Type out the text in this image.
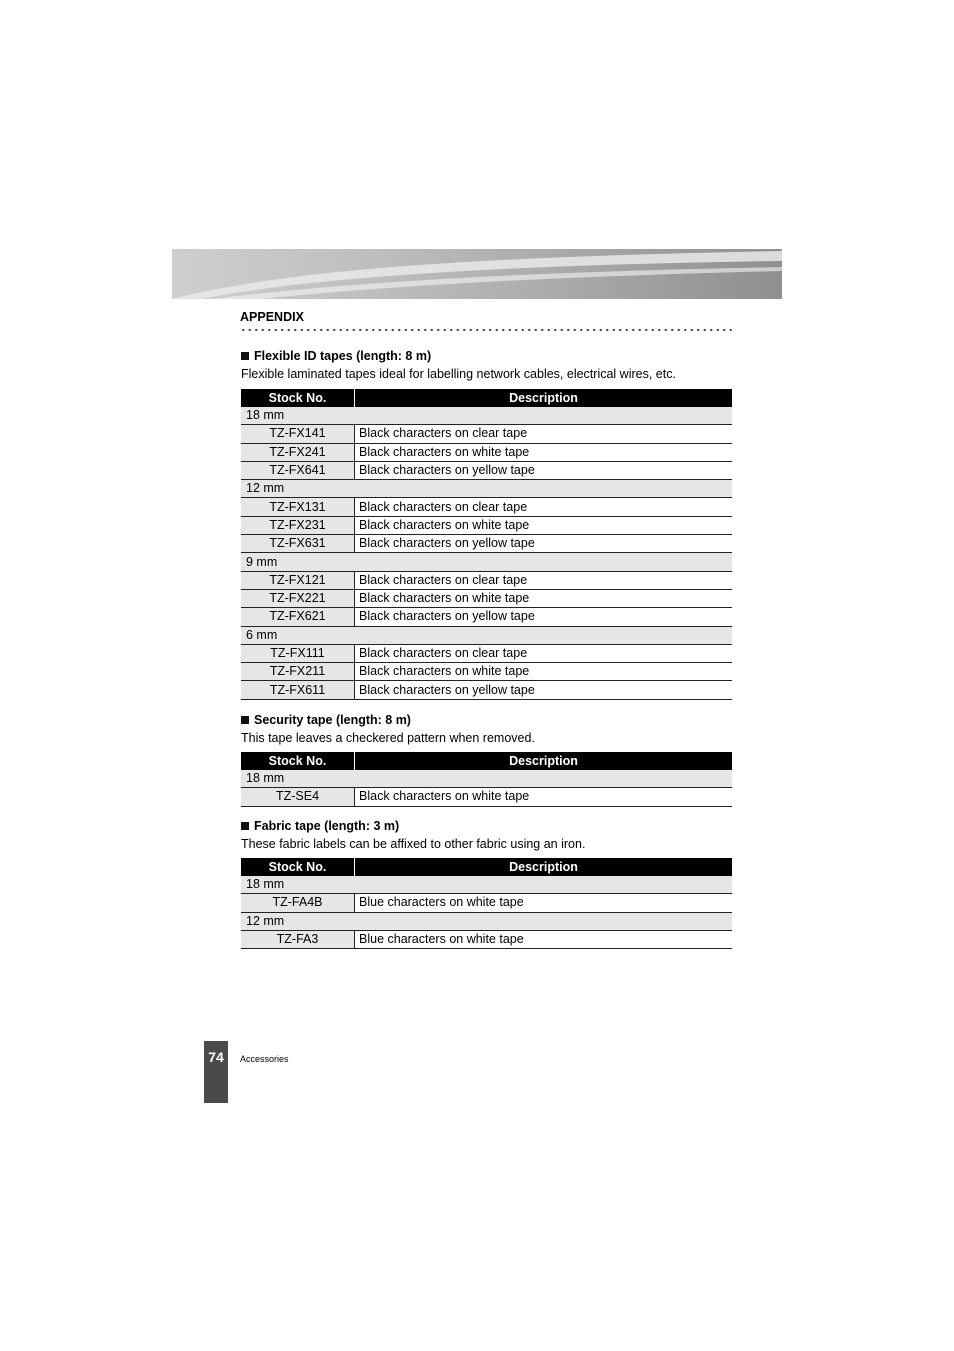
APPENDIX
Flexible ID tapes (length: 8 m)
Flexible laminated tapes ideal for labelling network cables, electrical wires, etc.
Stock No.	Description
18 mm	
TZ-FX141	Black characters on clear tape
TZ-FX241	Black characters on white tape
TZ-FX641	Black characters on yellow tape
12 mm	
TZ-FX131	Black characters on clear tape
TZ-FX231	Black characters on white tape
TZ-FX631	Black characters on yellow tape
9 mm	
TZ-FX121	Black characters on clear tape
TZ-FX221	Black characters on white tape
TZ-FX621	Black characters on yellow tape
6 mm	
TZ-FX111	Black characters on clear tape
TZ-FX211	Black characters on white tape
TZ-FX611	Black characters on yellow tape
Security tape (length: 8 m)
This tape leaves a checkered pattern when removed.
Stock No.	Description
18 mm	
TZ-SE4	Black characters on white tape
Fabric tape (length: 3 m)
These fabric labels can be affixed to other fabric using an iron.
Stock No.	Description
18 mm	
TZ-FA4B	Blue characters on white tape
12 mm	
TZ-FA3	Blue characters on white tape
74	Accessories
